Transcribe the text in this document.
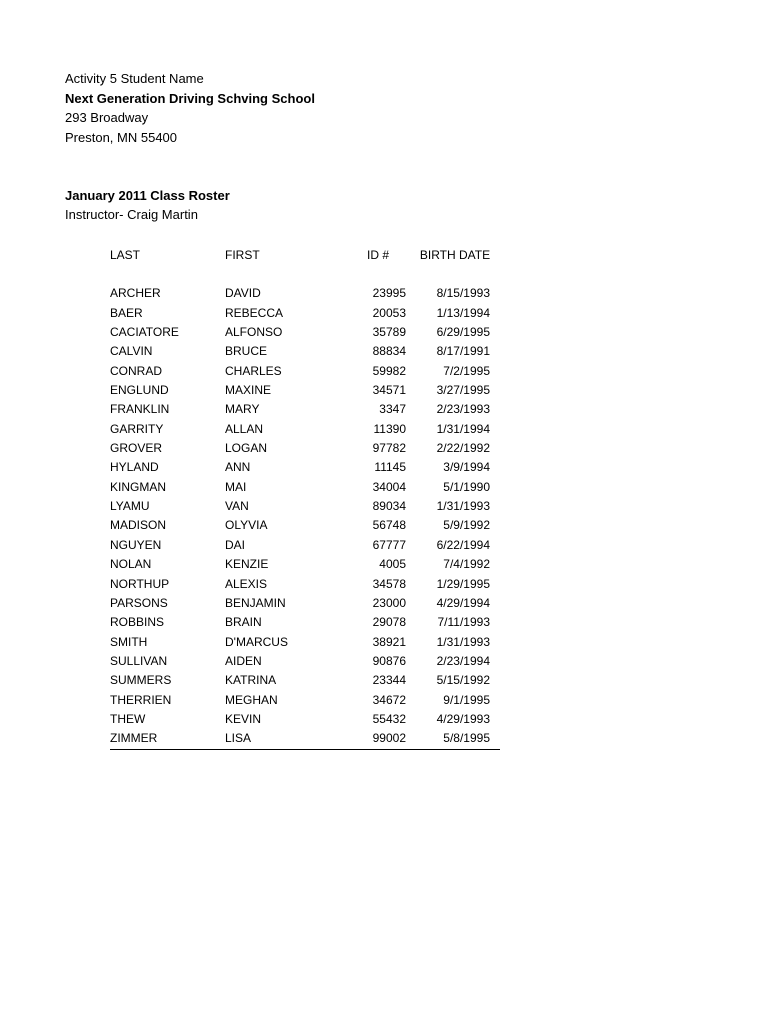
Activity 5 Student Name
Next Generation Driving Schving School
293 Broadway
Preston, MN 55400
January 2011 Class Roster
Instructor- Craig Martin
LAST	FIRST	ID #	BIRTH DATE
ARCHER	DAVID	23995	8/15/1993
BAER	REBECCA	20053	1/13/1994
CACIATORE	ALFONSO	35789	6/29/1995
CALVIN	BRUCE	88834	8/17/1991
CONRAD	CHARLES	59982	7/2/1995
ENGLUND	MAXINE	34571	3/27/1995
FRANKLIN	MARY	3347	2/23/1993
GARRITY	ALLAN	11390	1/31/1994
GROVER	LOGAN	97782	2/22/1992
HYLAND	ANN	11145	3/9/1994
KINGMAN	MAI	34004	5/1/1990
LYAMU	VAN	89034	1/31/1993
MADISON	OLYVIA	56748	5/9/1992
NGUYEN	DAI	67777	6/22/1994
NOLAN	KENZIE	4005	7/4/1992
NORTHUP	ALEXIS	34578	1/29/1995
PARSONS	BENJAMIN	23000	4/29/1994
ROBBINS	BRAIN	29078	7/11/1993
SMITH	D'MARCUS	38921	1/31/1993
SULLIVAN	AIDEN	90876	2/23/1994
SUMMERS	KATRINA	23344	5/15/1992
THERRIEN	MEGHAN	34672	9/1/1995
THEW	KEVIN	55432	4/29/1993
ZIMMER	LISA	99002	5/8/1995
